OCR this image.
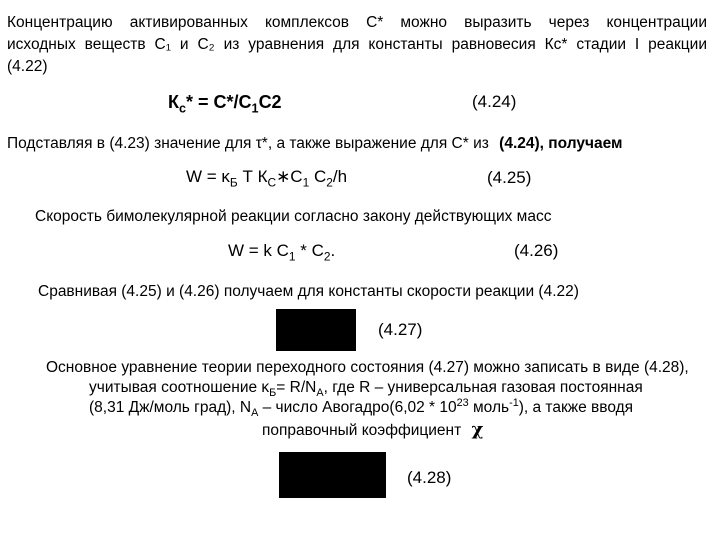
Концентрацию активированных комплексов С* можно выразить через концентрации
исходных веществ С₁ и С₂ из уравнения для константы равновесия Кс* стадии I реакции
(4.22)
$К_с* = С*/С_1С2$	(4.24)
Подставляя в (4.23) значение для τ*, а также выражение для С* из (4.24), получаем
$W = \kappa_Б$ Т $К_С∗С_1$ $С_2/h$	(4.25)
Скорость бимолекулярной реакции согласно закону действующих масс
W = k $С_1 * С_2$.	(4.26)
Сравнивая (4.25) и (4.26) получаем для константы скорости реакции (4.22)
(4.27)
Основное уравнение теории переходного состояния (4.27) можно записать в виде (4.28),
учитывая соотношение $\kappa_Б= R/N_A$, где R – универсальная газовая постоянная
(8,31 Дж/моль град), $N_A$ – число Авогадро(6,02 * $10^{23}$ моль$^{-1}$), а также вводя
поправочный коэффициент χ
(4.28)
